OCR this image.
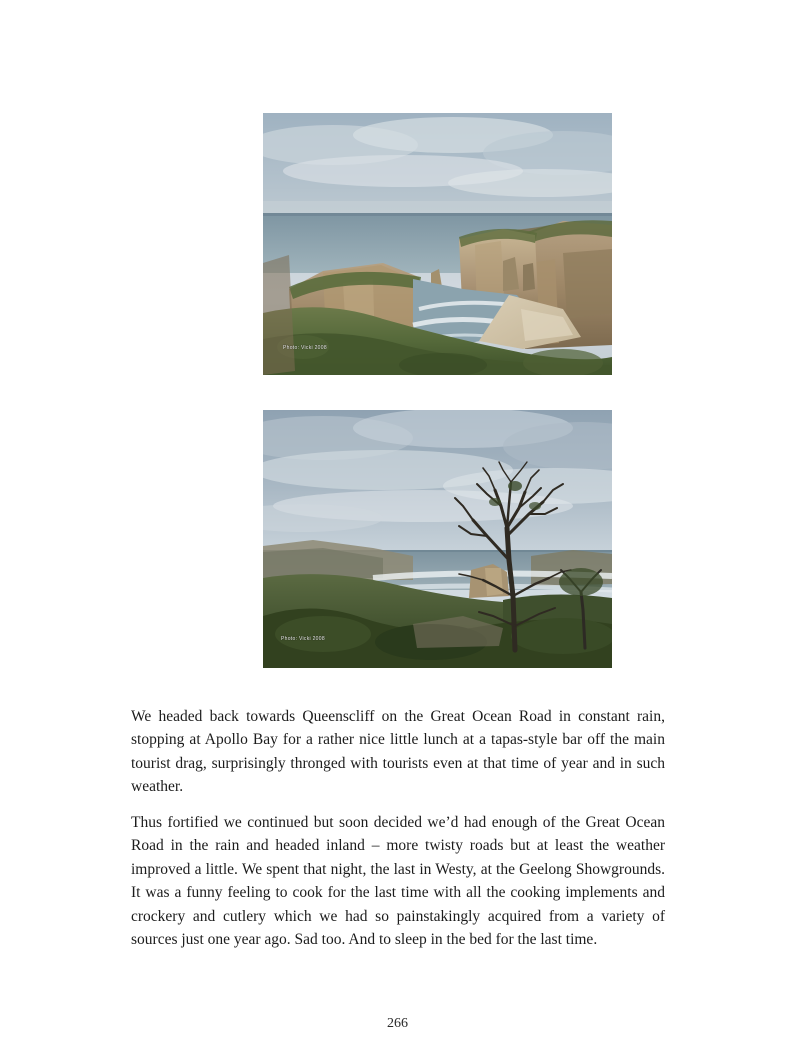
Photo: Vicki 2008
Photo: Vicki 2008

We headed back towards Queenscliff on the Great Ocean Road in constant rain, stopping at Apollo Bay for a rather nice little lunch at a tapas-style bar off the main tourist drag, surprisingly thronged with tourists even at that time of year and in such weather.

Thus fortified we continued but soon decided we’d had enough of the Great Ocean Road in the rain and headed inland – more twisty roads but at least the weather improved a little. We spent that night, the last in Westy, at the Geelong Showgrounds. It was a funny feeling to cook for the last time with all the cooking implements and crockery and cutlery which we had so painstakingly acquired from a variety of sources just one year ago. Sad too. And to sleep in the bed for the last time.

266
